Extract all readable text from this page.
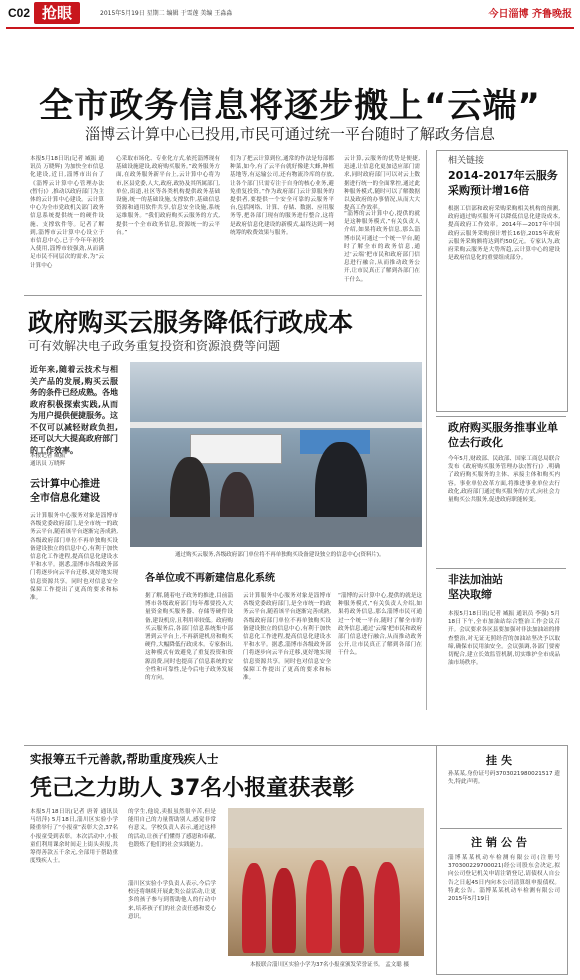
C02 抢眼	2015年5月19日 星期二 编辑 于雪莲 美编 王淼淼	今日淄博 齐鲁晚报
全市政务信息将逐步搬上“云端”
淄博云计算中心已投用,市民可通过统一平台随时了解政务信息
本报5月18日讯(记者 臧振 通讯员 万晓辉) 为加快全市信息化建设,近日,淄博市出台了《淄博云计算中心管理办法(暂行)》,推动以政府部门为主体的云计算中心建设。云计算中心为全市党政机关部门政务信息系统提供统一的硬件设施、支撑软件等。记者了解到,淄博市云计算中心设立于市信息中心,已于今年年初投入使用,淄博市较强劲,从而满足市民不同层次的需求,为“云计算中心
心采取市场化、专业化方式,依托淄博现有基础设施建设,政府购买服务。”政务服务方面,在政务服务新平台上,云计算中心将为市,区县党委,人大,政府,政协及其所属部门,单位,街道,社区等各类机构提供政务基础设施,统一的基础设施,支撑软件,基础信息资源和通用软件共享,信息安全设施,系统运维服务。“我们政府购买云服务的方式,提供一个全市政务信息,资源统一的云平台。”
们为了把云计算到位,通常的作法是每部都种菜,如今,有了云平台就好像建大蜂,种植基地等,有运输公司,还有物流冷库的存放,让各个部门只需专注于自身的核心业务,避免重复投资。”作为政府部门云计算服务的提供者,要提供一个安全可靠的云服务平台,包括网络、计算、存储、数据、应用服务等,把各部门现有的服务进行整合,这将是政府信息化建设的新模式,最终达到一网统筹的收费效果与服务。
云计算,云服务的优势是便捷,迅速,让信息化更加适应部门需求,同时政府部门可以对云上数据进行统一的全面掌控,通过此种服务模式,随时可以了解数据以及政府的办事情况,从而大大提高工作效率。
“淄博的云计算中心,提供的就是这种服务模式,”有关负责人介绍,如果将政务信息,那么淄博市民可通过一个统一平台,随时了解全市的政务信息,通过‘云端’把市民和政府部门信息进行融合,从而推动政务公开,让市民真正了解到各部门在干什么。
相关链接
2014-2017年云服务采购预计增16倍
根据工信部和政府采购采购相关机构的预测,政府通过购买服务可以降低信息化建设成本,提高政府工作效率。2014年—2017年中国政府云服务采购预计增长16倍,2015年政府云服务采购额将达到约50亿元。专家认为,政府采购云服务是大势所趋,云计算中心的建设是政府信息化的重要组成部分。
政府购买云服务降低行政成本
可有效解决电子政务重复投资和资源浪费等问题
近年来,随着云技术与相关产品的发展,购买云服务的条件已经成熟。各地政府积极探索实践,从而为用户提供便捷服务。这不仅可以减轻财政负担,还可以大大提高政府部门的工作效率。
本报记者 臧振
通讯员 万晓辉
通过购买云服务,各级政府部门单位将不再单独购买设备建设独立的信息中心(资料片)。
云计算中心推进
全市信息化建设
云计算服务中心服务对象是淄博市各级党委政府部门,是全市统一的政务云平台,随着该平台逐渐完善成熟,各级政府部门单位不再单独购买设备建设独立的信息中心,有利于加快信息化工作进程,提高信息化建设水平和水平。据悉,淄博市各级政务部门将逐步向云平台迁移,更好地实现信息资源共享。同时也对信息安全保障工作提出了更高的要求和标准。
各单位或不再新建信息化系统
据了解,随着电子政务的推进,目前淄博市各级政府部门每年都要投入大量资金购买服务器、存储等硬件设备,建设机房,且利用率较低。政府购买云服务后,各部门信息系统集中部署到云平台上,不再新建机房和购买硬件,大幅降低行政成本。专家指出,这种模式有效避免了重复投资和资源浪费,同时也提高了信息系统的安全性和可靠性,是今后电子政务发展的方向。
云计算服务中心服务对象是淄博市各级党委政府部门,是全市统一的政务云平台,随着该平台逐渐完善成熟,各级政府部门单位不再单独购买设备建设独立的信息中心,有利于加快信息化工作进程,提高信息化建设水平和水平。据悉,淄博市各级政务部门将逐步向云平台迁移,更好地实现信息资源共享。同时也对信息安全保障工作提出了更高的要求和标准。
“淄博的云计算中心,提供的就是这种服务模式,”有关负责人介绍,如果将政务信息,那么淄博市民可通过一个统一平台,随时了解全市的政务信息,通过‘云端’把市民和政府部门信息进行融合,从而推动政务公开,让市民真正了解到各部门在干什么。
政府购买服务推事业单位去行政化
今年5月,财政部、民政部、国家工商总局联合发布《政府购买服务管理办法(暂行)》,明确了政府购买服务的主体、承接主体和购买内容。事业单位改革方面,将推进事业单位去行政化,政府部门通过购买服务的方式,向社会力量购买公共服务,促进政府职能转变。
非法加油站
坚决取缔
本报5月18日讯(记者 臧振 通讯员 李强) 5月18日下午,全市加油站综合整治工作会议召开。会议要求各区县要加强对非法加油站的排查整治,对无证无照经营的加油站坚决予以取缔,确保市民用油安全。会议强调,各部门要密切配合,建立长效监管机制,切实维护全市成品油市场秩序。
实报筹五千元善款,帮助重度残疾人士
凭己之力助人 37名小报童获表彰
本报5月18日讯(记者 唐菁 通讯员 马纽萍) 5月18日,淄川区实验小学隆重举行了“小报童”表彰大会,37名小报童受到表彰。本次活动中,小报童们利用课余时间走上街头卖报,共筹得善款五千余元,全部用于帮助重度残疾人士。
的学生,他说,卖报虽然很辛苦,但是能用自己的力量帮助别人,感觉非常有意义。学校负责人表示,通过这样的活动,让孩子们懂得了感恩和奉献,也锻炼了他们的社会实践能力。
淄川区实验小学负责人表示,今后学校还将继续开展此类公益活动,让更多的孩子参与到帮助他人的行动中来,培养孩子们的社会责任感和爱心意识。
本报联合淄川区实验小学为37名小报童颁发荣誉证书。 孟文聪 摄
挂失
孙某某,身份证号码3703021980021517 遗失,特此声明。
注销公告
淄博某某机动车检测有限公司(注册号370300229700021)经公司股东会决定,拟向公司登记机关申请注销登记,请债权人自公告之日起45日内向本公司清算组申报债权。特此公告。淄博某某机动车检测有限公司 2015年5月19日
